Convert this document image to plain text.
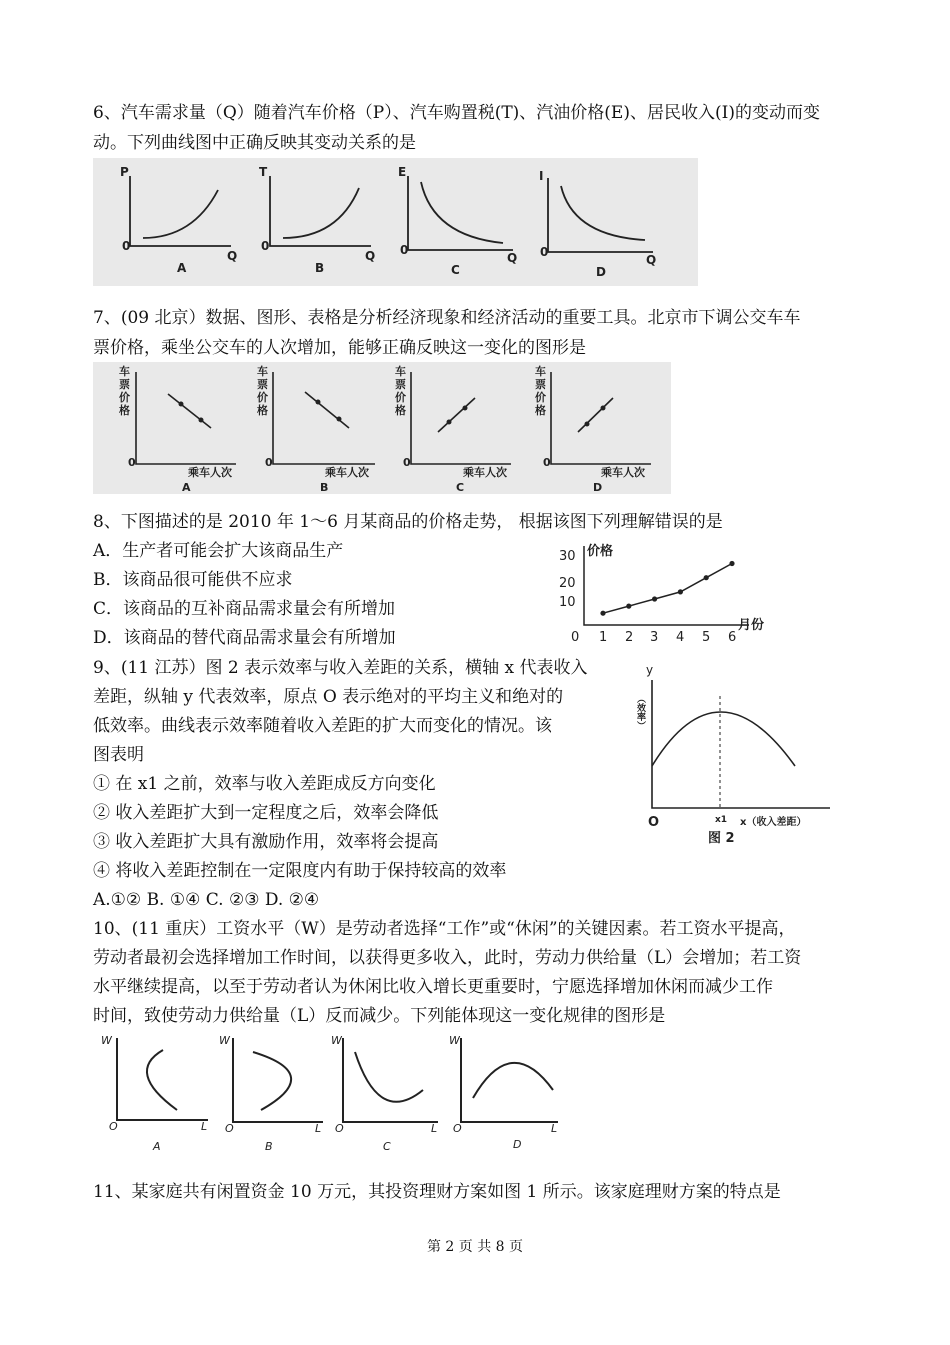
6、汽车需求量（Q）随着汽车价格（P）、汽车购置税(T)、汽油价格(E)、居民收入(I)的变动而变
动。下列曲线图中正确反映其变动关系的是
P
0
Q
A
T
0
Q
B
E
0
Q
C
I
0
Q
D
7、(09 北京）数据、图形、表格是分析经济现象和经济活动的重要工具。北京市下调公交车车
票价格，乘坐公交车的人次增加，能够正确反映这一变化的图形是
车
票
价
格
0
乘车人次
A
车
票
价
格
0
乘车人次
B
车
票
价
格
0
乘车人次
C
车
票
价
格
0
乘车人次
D
8、下图描述的是 2010 年 1～6 月某商品的价格走势， 根据该图下列理解错误的是
A．生产者可能会扩大该商品生产
B．该商品很可能供不应求
C．该商品的互补商品需求量会有所增加
D．该商品的替代商品需求量会有所增加	0
10
20
30 价格
1 2 3 4 5 6
月份
9、(11 江苏）图 2 表示效率与收入差距的关系，横轴 x 代表收入
差距，纵轴 y 代表效率，原点 O 表示绝对的平均主义和绝对的
低效率。曲线表示效率随着收入差距的扩大而变化的情况。该
图表明
① 在 x1 之前，效率与收入差距成反方向变化
② 收入差距扩大到一定程度之后，效率会降低
③ 收入差距扩大具有激励作用，效率将会提高
④ 将收入差距控制在一定限度内有助于保持较高的效率
A.①② B. ①④ C. ②③ D. ②④
y
（效率）
O	x1 x（收入差距）
图 2
10、(11 重庆）工资水平（W）是劳动者选择“工作”或“休闲”的关键因素。若工资水平提高，
劳动者最初会选择增加工作时间，以获得更多收入，此时，劳动力供给量（L）会增加；若工资
水平继续提高，以至于劳动者认为休闲比收入增长更重要时，宁愿选择增加休闲而减少工作
时间，致使劳动力供给量（L）反而减少。下列能体现这一变化规律的图形是
W
O	L
A
W
O	L
B
W
O	L
C
W
O	L
D
11、某家庭共有闲置资金 10 万元，其投资理财方案如图 1 所示。该家庭理财方案的特点是
第 2 页 共 8 页
